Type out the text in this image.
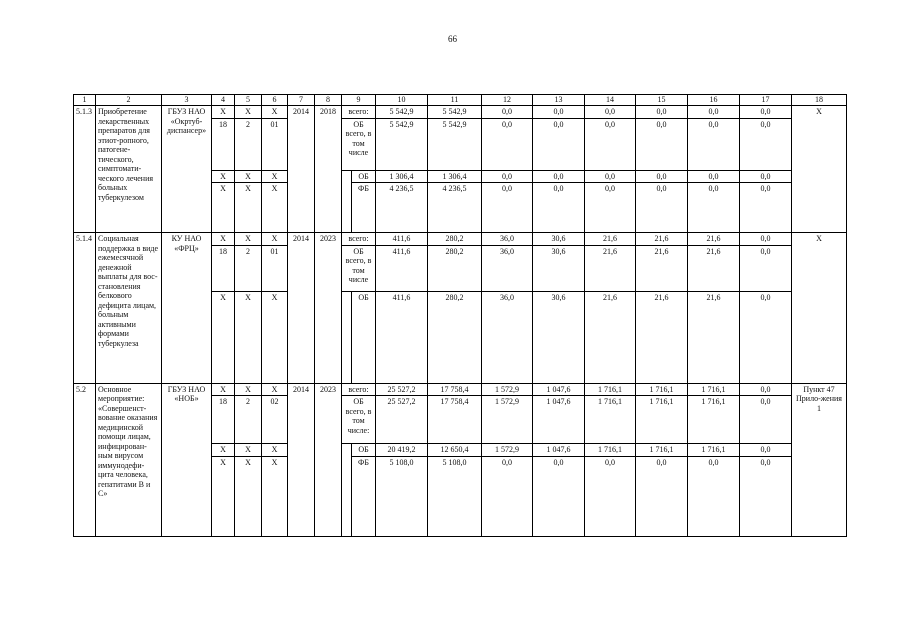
66
1	2	3	4	5	6	7	8	9		10	11	12	13	14	15	16	17	18
5.1.3	Приобретение лекарственных препаратов для этиот-ропного, патогене-тического, симптомати-ческого лечения больных туберкулезом	ГБУЗ НАО «Окртуб-диспансер»	X	X	X	2014	2018	всего:		5 542,9	5 542,9	0,0	0,0	0,0	0,0	0,0	0,0	X
			18	2	01			ОБ всего, в том числе		5 542,9	5 542,9	0,0	0,0	0,0	0,0	0,0	0,0	
			X	X	X				ОБ	1 306,4	1 306,4	0,0	0,0	0,0	0,0	0,0	0,0	
			X	X	X				ФБ	4 236,5	4 236,5	0,0	0,0	0,0	0,0	0,0	0,0	
5.1.4	Социальная поддержка в виде ежемесячной денежной выплаты для вос-становления белкового дефицита лицам, больным активными формами туберкулеза	КУ НАО «ФРЦ»	X	X	X	2014	2023	всего:		411,6	280,2	36,0	30,6	21,6	21,6	21,6	0,0	X
			18	2	01			ОБ всего, в том числе		411,6	280,2	36,0	30,6	21,6	21,6	21,6	0,0	
			X	X	X				ОБ	411,6	280,2	36,0	30,6	21,6	21,6	21,6	0,0	
5.2	Основное мероприятие: «Совершенст-вование оказания медицинской помощи лицам, инфицирован-ным вирусом иммунодефи-цита человека, гепатитами В и С»	ГБУЗ НАО «НОБ»	X	X	X	2014	2023	всего:		25 527,2	17 758,4	1 572,9	1 047,6	1 716,1	1 716,1	1 716,1	0,0	Пункт 47 Прило-жения 1
			18	2	02			ОБ всего, в том числе:		25 527,2	17 758,4	1 572,9	1 047,6	1 716,1	1 716,1	1 716,1	0,0	
			X	X	X				ОБ	20 419,2	12 650,4	1 572,9	1 047,6	1 716,1	1 716,1	1 716,1	0,0	
			X	X	X				ФБ	5 108,0	5 108,0	0,0	0,0	0,0	0,0	0,0	0,0	
